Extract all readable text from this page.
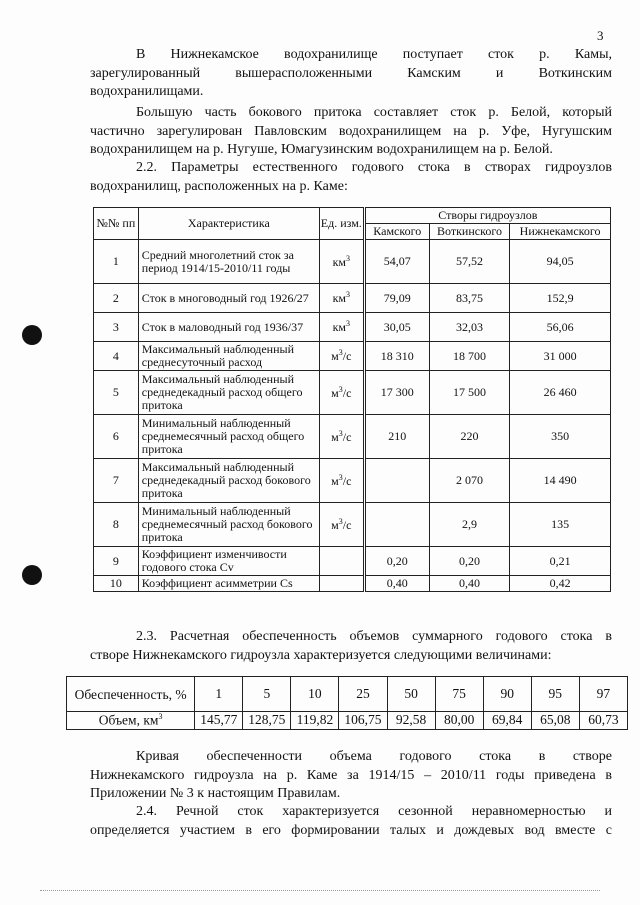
3
В Нижнекамское водохранилище поступает сток р. Камы,
зарегулированный вышерасположенными Камским и Воткинским
водохранилищами.
Большую часть бокового притока составляет сток р. Белой, который
частично зарегулирован Павловским водохранилищем на р. Уфе, Нугушским
водохранилищем на р. Нугуше, Юмагузинским водохранилищем на р. Белой.
2.2. Параметры естественного годового стока в створах гидроузлов
водохранилищ, расположенных на р. Каме:
№№ пп	Характеристика	Ед. изм.	Створы гидроузлов		
			Камского	Воткинского	Нижнекамского
1	Средний многолетний сток за период 1914/15-2010/11 годы	$км^3$	54,07	57,52	94,05
2	Сток в многоводный год 1926/27	$км^3$	79,09	83,75	152,9
3	Сток в маловодный год 1936/37	$км^3$	30,05	32,03	56,06
4	Максимальный наблюденный среднесуточный расход	$м^3/с$	18 310	18 700	31 000
5	Максимальный наблюденный среднедекадный расход общего притока	$м^3/с$	17 300	17 500	26 460
6	Минимальный наблюденный среднемесячный расход общего притока	$м^3/с$	210	220	350
7	Максимальный наблюденный среднедекадный расход бокового притока	$м^3/с$		2 070	14 490
8	Минимальный наблюденный среднемесячный расход бокового притока	$м^3/с$		2,9	135
9	Коэффициент изменчивости годового стока Cv		0,20	0,20	0,21
10	Коэффициент асимметрии Cs		0,40	0,40	0,42
2.3. Расчетная обеспеченность объемов суммарного годового стока в
створе Нижнекамского гидроузла характеризуется следующими величинами:
Обеспеченность, %	1	5	10	25	50	75	90	95	97
Объем, $км^3$	145,77	128,75	119,82	106,75	92,58	80,00	69,84	65,08	60,73
Кривая обеспеченности объема годового стока в створе
Нижнекамского гидроузла на р. Каме за 1914/15 – 2010/11 годы приведена в
Приложении № 3 к настоящим Правилам.
2.4. Речной сток характеризуется сезонной неравномерностью и
определяется участием в его формировании талых и дождевых вод вместе с
